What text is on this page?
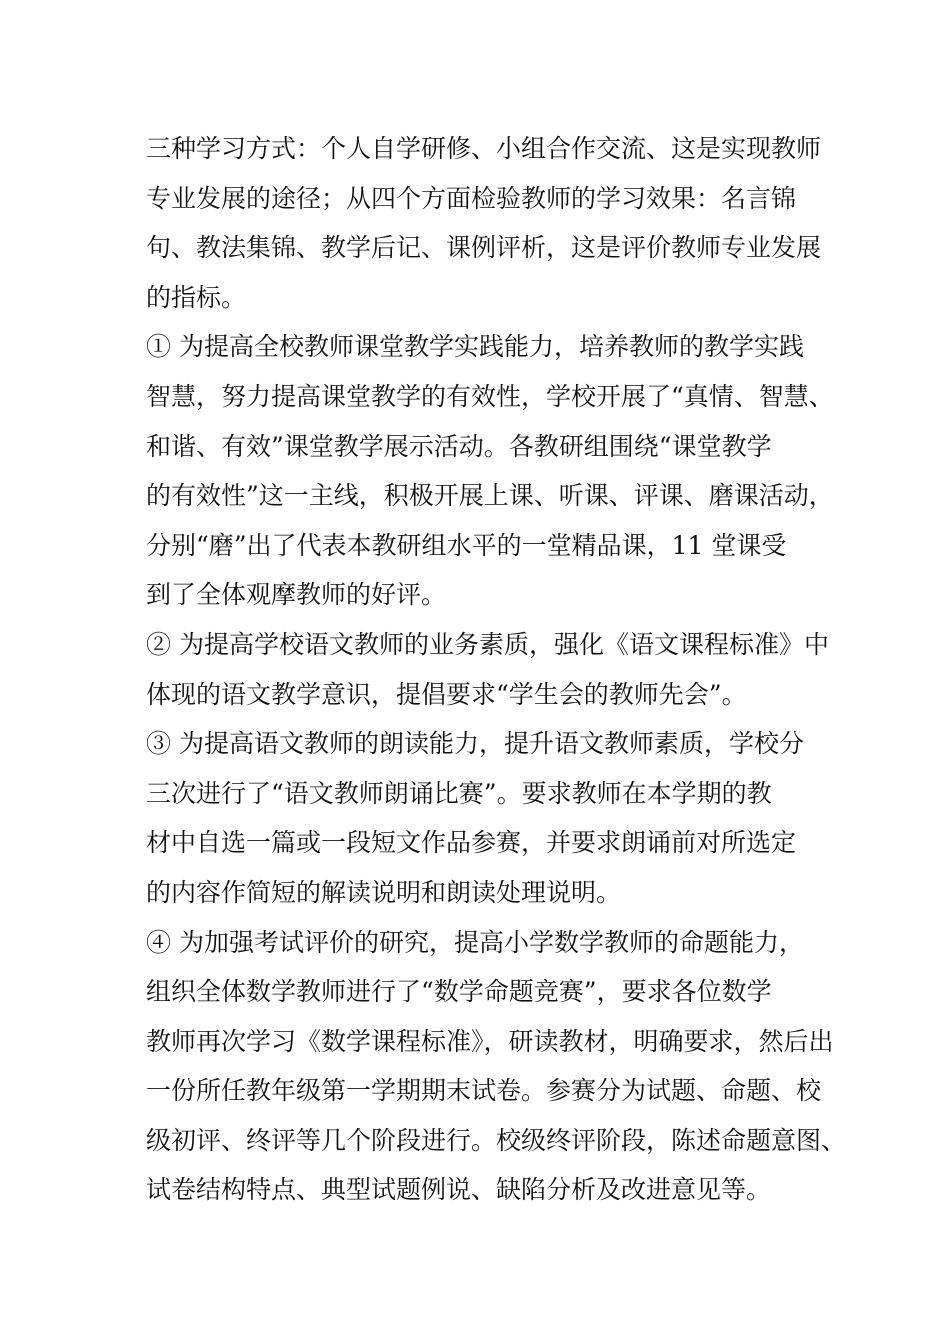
三种学习方式：个人自学研修、小组合作交流、这是实现教师
专业发展的途径；从四个方面检验教师的学习效果：名言锦
句、教法集锦、教学后记、课例评析，这是评价教师专业发展
的指标。
① 为提高全校教师课堂教学实践能力，培养教师的教学实践
智慧，努力提高课堂教学的有效性，学校开展了“真情、智慧、
和谐、有效”课堂教学展示活动。各教研组围绕“课堂教学
的有效性”这一主线，积极开展上课、听课、评课、磨课活动，
分别“磨”出了代表本教研组水平的一堂精品课，11 堂课受
到了全体观摩教师的好评。
② 为提高学校语文教师的业务素质，强化《语文课程标准》中
体现的语文教学意识，提倡要求“学生会的教师先会”。
③ 为提高语文教师的朗读能力，提升语文教师素质，学校分
三次进行了“语文教师朗诵比赛”。要求教师在本学期的教
材中自选一篇或一段短文作品参赛，并要求朗诵前对所选定
的内容作简短的解读说明和朗读处理说明。
④ 为加强考试评价的研究，提高小学数学教师的命题能力，
组织全体数学教师进行了“数学命题竞赛”，要求各位数学
教师再次学习《数学课程标准》，研读教材，明确要求，然后出
一份所任教年级第一学期期末试卷。参赛分为试题、命题、校
级初评、终评等几个阶段进行。校级终评阶段，陈述命题意图、
试卷结构特点、典型试题例说、缺陷分析及改进意见等。
